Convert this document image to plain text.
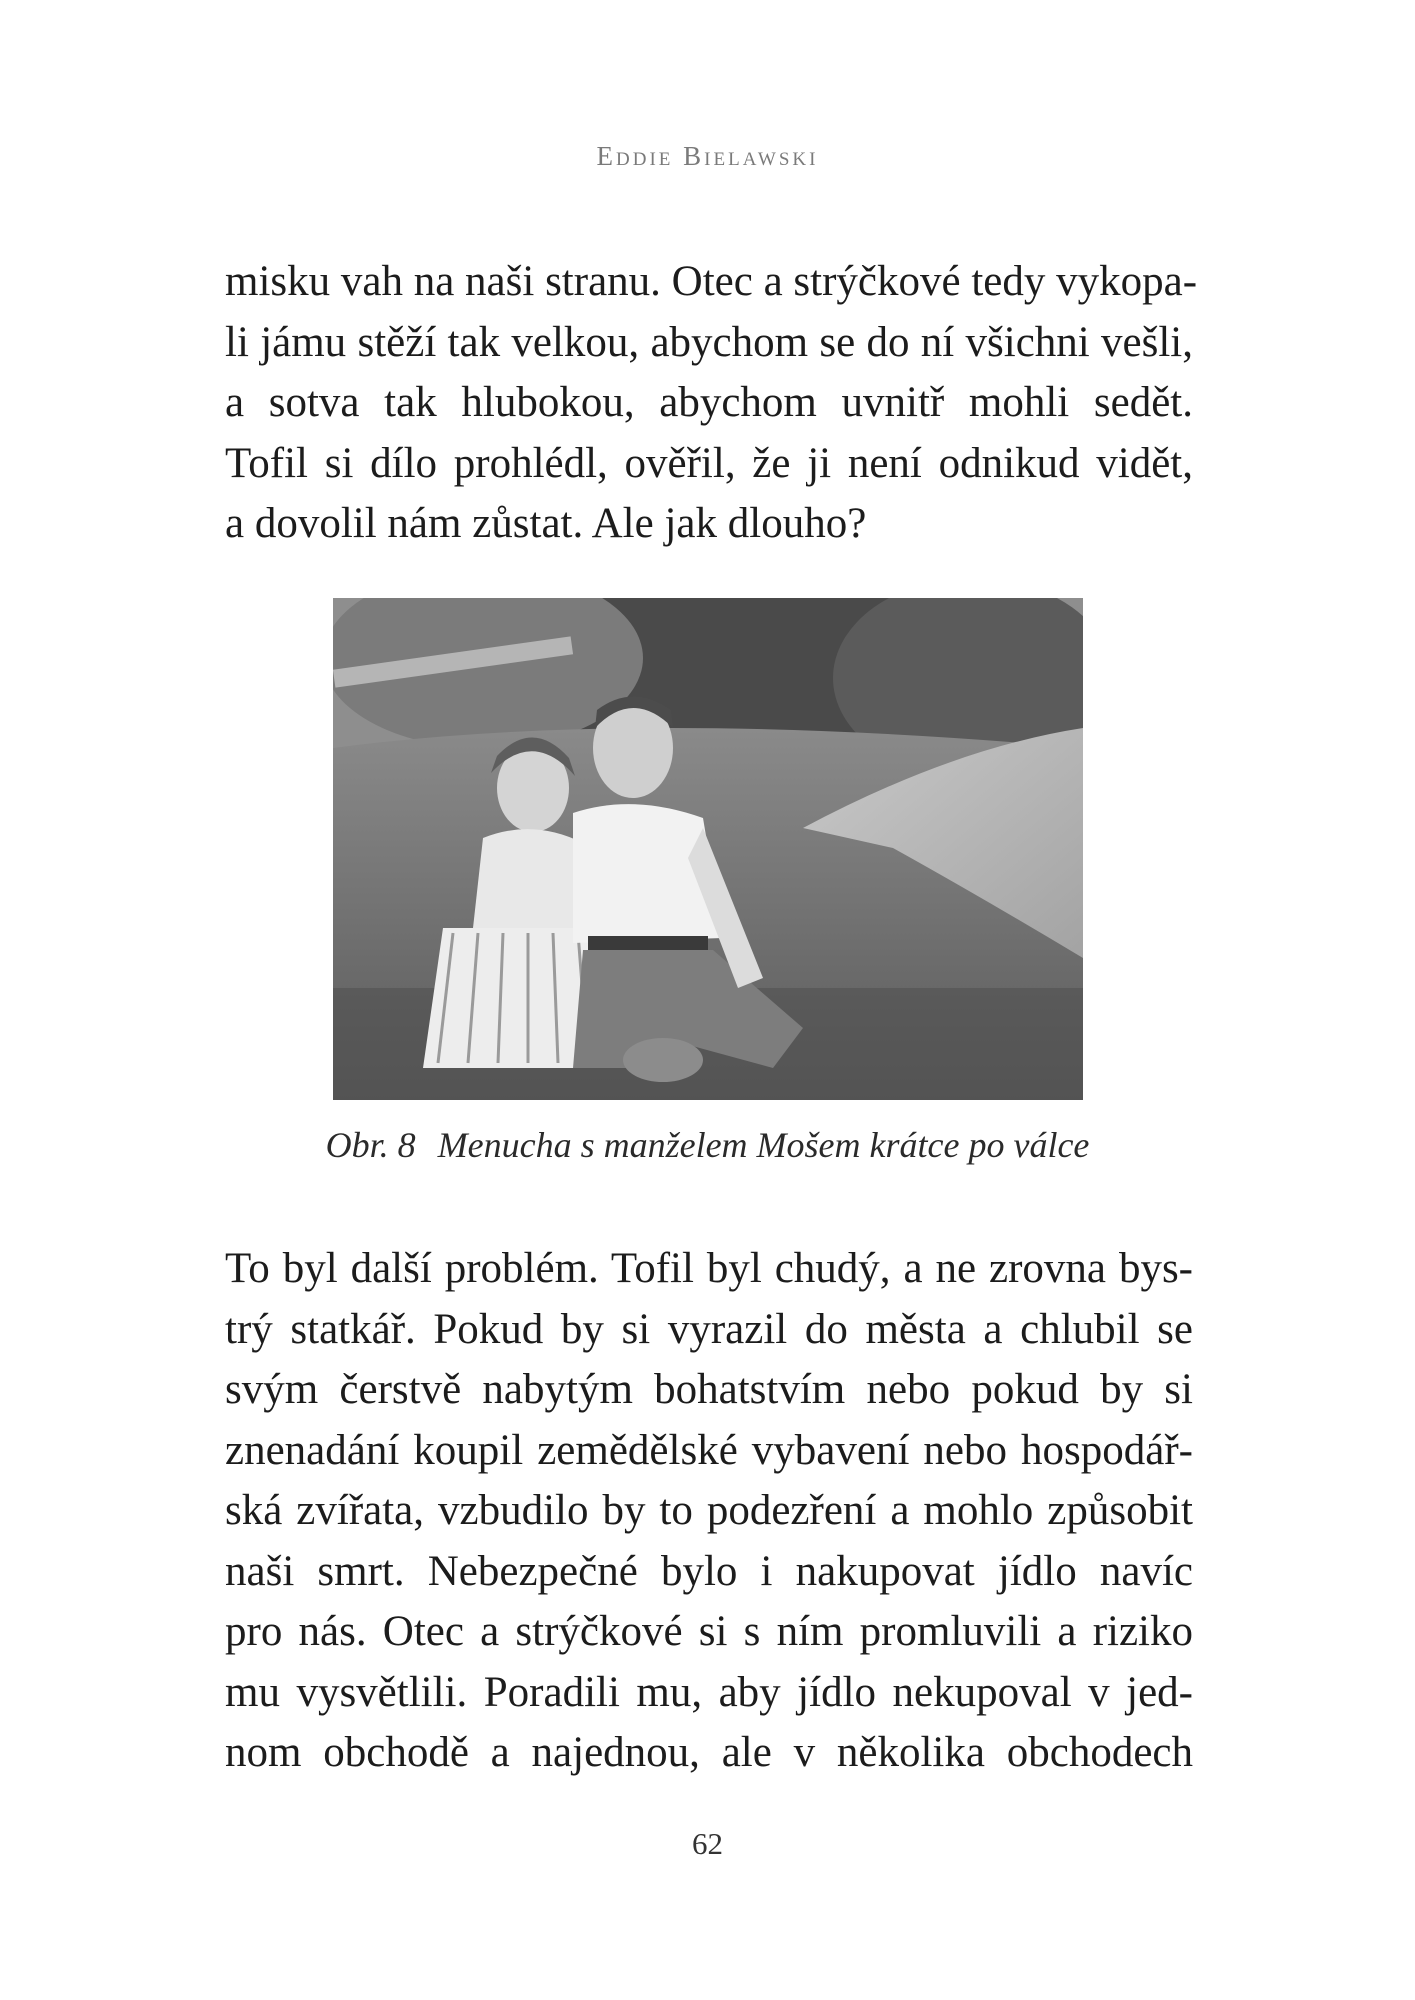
Eddie Bielawski
misku vah na naši stranu. Otec a strýčkové tedy vykopa-
li jámu stěží tak velkou, abychom se do ní všichni vešli,
a sotva tak hlubokou, abychom uvnitř mohli sedět.
Tofil si dílo prohlédl, ověřil, že ji není odnikud vidět,
a dovolil nám zůstat. Ale jak dlouho?
Obr. 8 Menucha s manželem Mošem krátce po válce
To byl další problém. Tofil byl chudý, a ne zrovna bys-
trý statkář. Pokud by si vyrazil do města a chlubil se
svým čerstvě nabytým bohatstvím nebo pokud by si
znenadání koupil zemědělské vybavení nebo hospodář-
ská zvířata, vzbudilo by to podezření a mohlo způsobit
naši smrt. Nebezpečné bylo i nakupovat jídlo navíc
pro nás. Otec a strýčkové si s ním promluvili a riziko
mu vysvětlili. Poradili mu, aby jídlo nekupoval v jed-
nom obchodě a najednou, ale v několika obchodech
62
